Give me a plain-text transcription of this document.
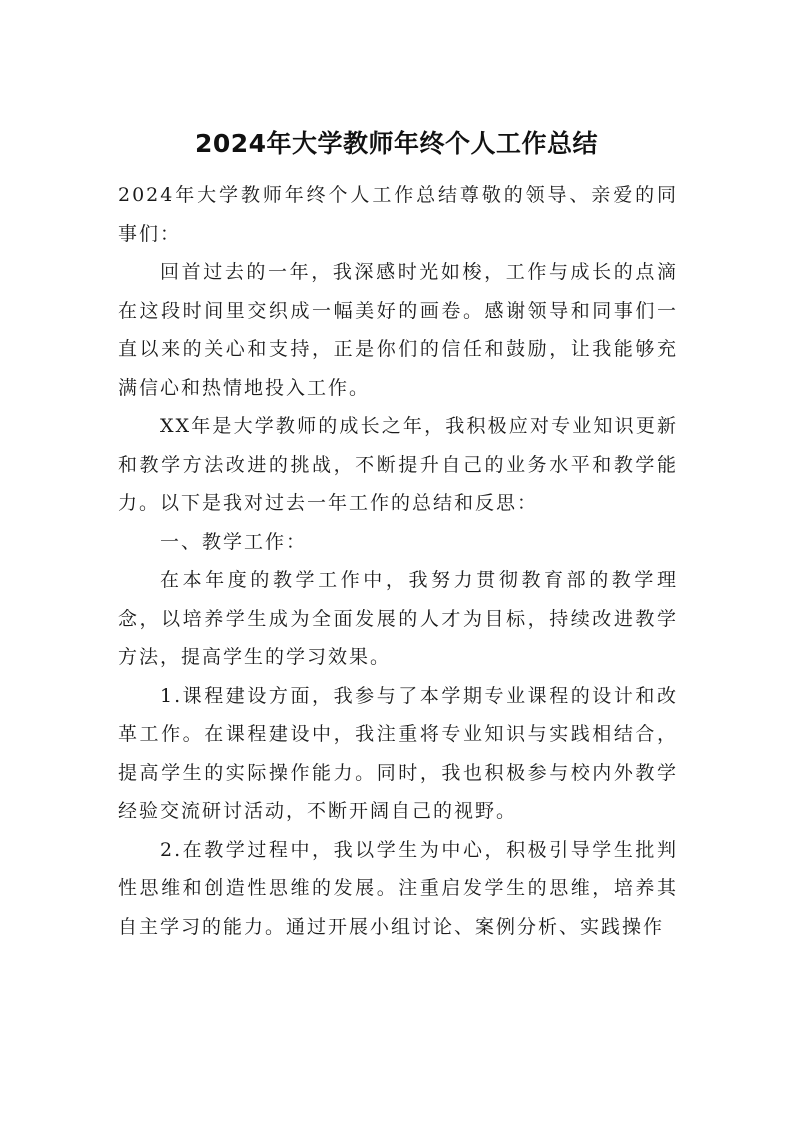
2024年大学教师年终个人工作总结

2024年大学教师年终个人工作总结尊敬的领导、亲爱的同事们：

回首过去的一年，我深感时光如梭，工作与成长的点滴在这段时间里交织成一幅美好的画卷。感谢领导和同事们一直以来的关心和支持，正是你们的信任和鼓励，让我能够充满信心和热情地投入工作。

XX年是大学教师的成长之年，我积极应对专业知识更新和教学方法改进的挑战，不断提升自己的业务水平和教学能力。以下是我对过去一年工作的总结和反思：

一、教学工作：

在本年度的教学工作中，我努力贯彻教育部的教学理念，以培养学生成为全面发展的人才为目标，持续改进教学方法，提高学生的学习效果。

1.课程建设方面，我参与了本学期专业课程的设计和改革工作。在课程建设中，我注重将专业知识与实践相结合，提高学生的实际操作能力。同时，我也积极参与校内外教学经验交流研讨活动，不断开阔自己的视野。

2.在教学过程中，我以学生为中心，积极引导学生批判性思维和创造性思维的发展。注重启发学生的思维，培养其自主学习的能力。通过开展小组讨论、案例分析、实践操作
